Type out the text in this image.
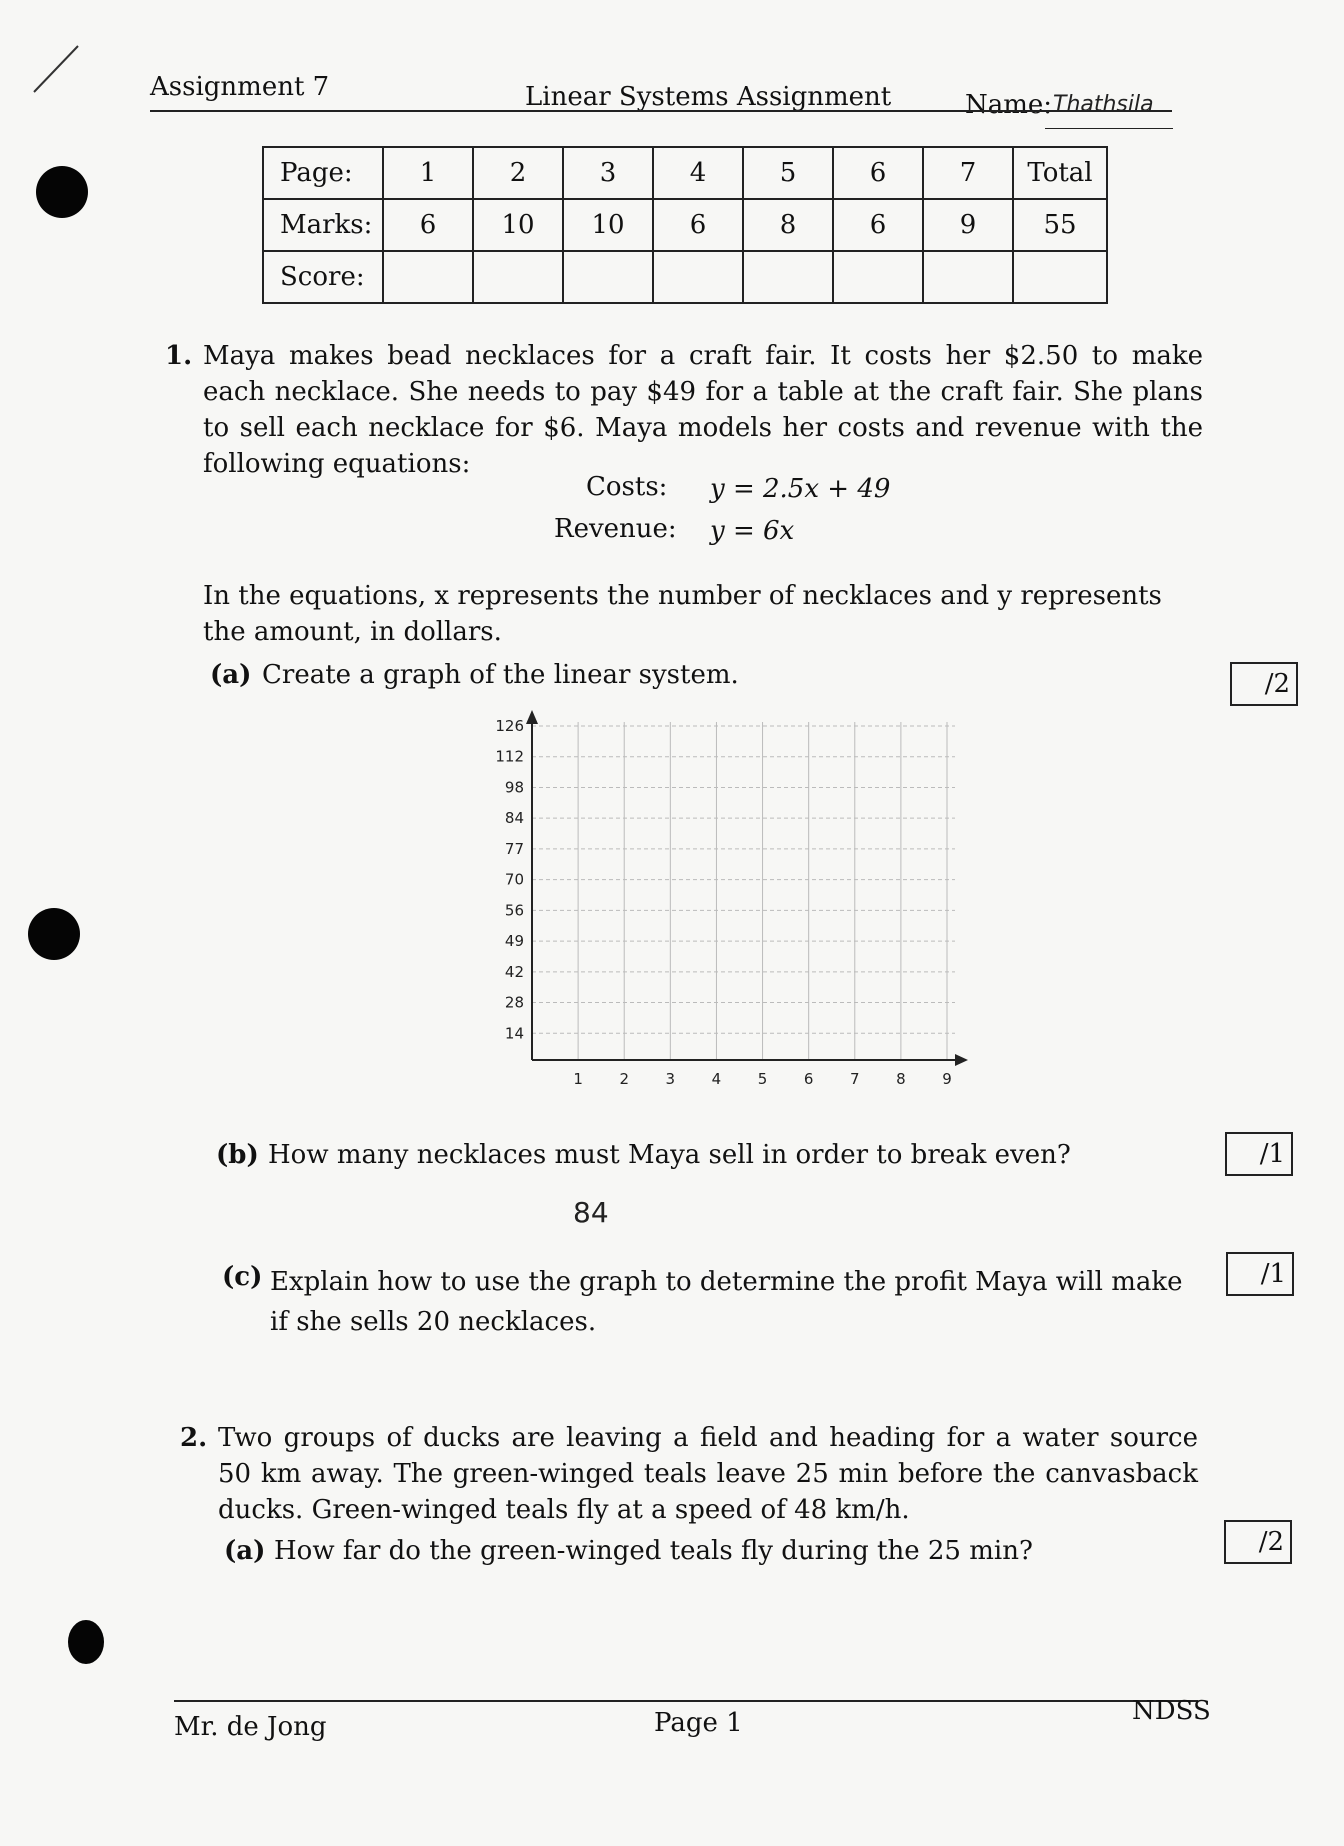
Assignment 7	Linear Systems Assignment	Name: Thathsila
Page:	1	2	3	4	5	6	7	Total
Marks:	6	10	10	6	8	6	9	55
Score:								
1. Maya makes bead necklaces for a craft fair. It costs her $2.50 to make each necklace. She needs to pay $49 for a table at the craft fair. She plans to sell each necklace for $6. Maya models her costs and revenue with the following equations:
Costs: y = 2.5x + 49
Revenue: y = 6x
In the equations, x represents the number of necklaces and y represents the amount, in dollars.
(a) Create a graph of the linear system.	/2
1 2 3 4 5 6 7 8 9
14
28
42
49
56
70
77
84
98
112
126
(b) How many necklaces must Maya sell in order to break even?	/1
84
(c) Explain how to use the graph to determine the profit Maya will make if she sells 20 necklaces.
/1
2. Two groups of ducks are leaving a field and heading for a water source 50 km away. The green-winged teals leave 25 min before the canvasback ducks. Green-winged teals fly at a speed of 48 km/h.
(a) How far do the green-winged teals fly during the 25 min?	/2
Mr. de Jong	Page 1	NDSS
